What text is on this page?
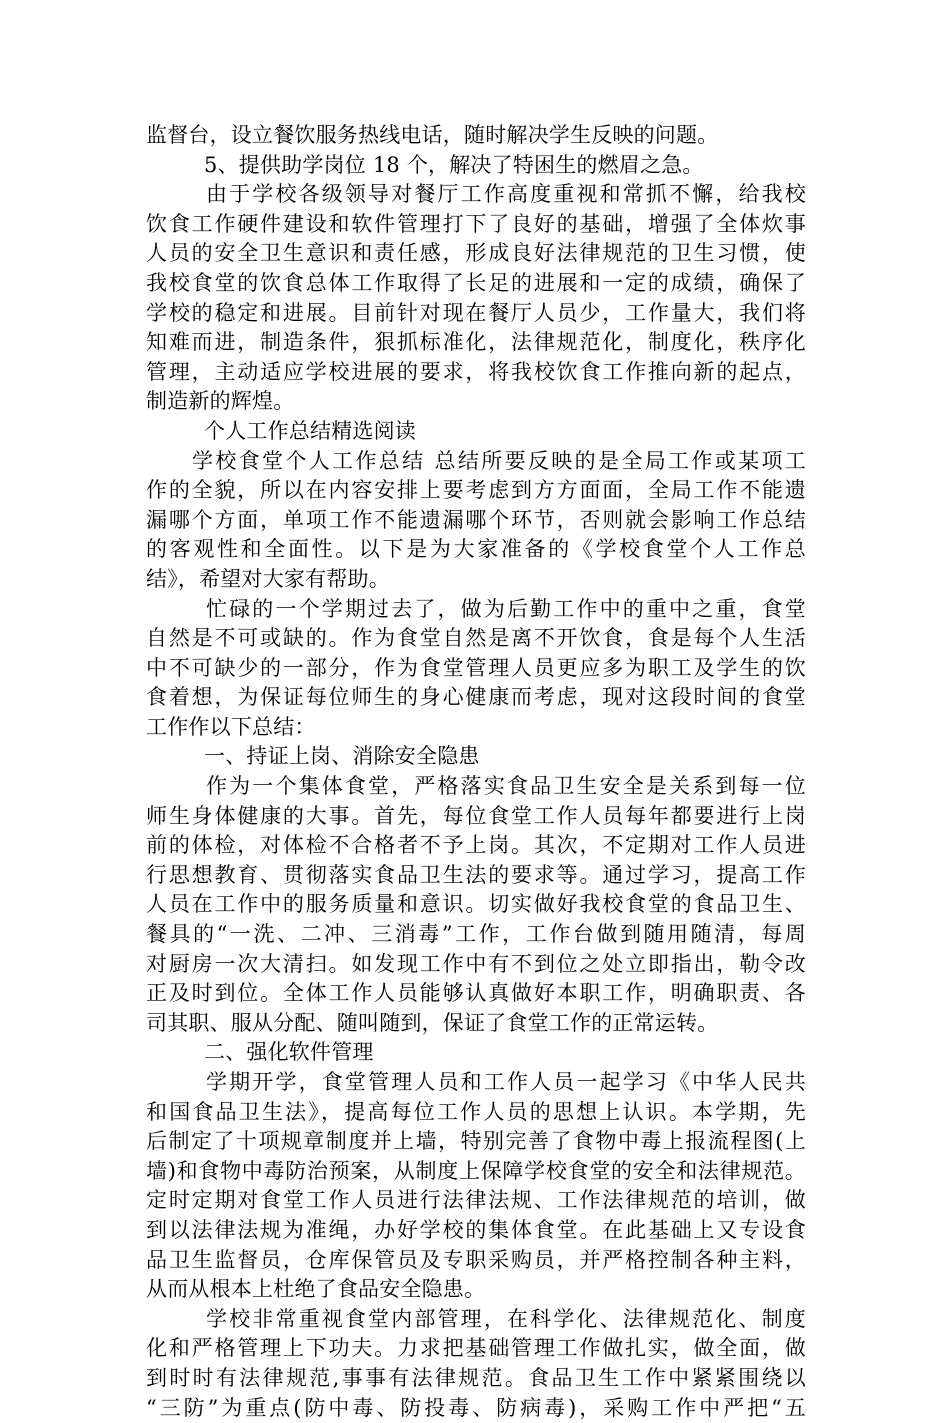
监督台，设立餐饮服务热线电话，随时解决学生反映的问题。
5、提供助学岗位 18 个，解决了特困生的燃眉之急。
由于学校各级领导对餐厅工作高度重视和常抓不懈，给我校
饮食工作硬件建设和软件管理打下了良好的基础，增强了全体炊事
人员的安全卫生意识和责任感，形成良好法律规范的卫生习惯，使
我校食堂的饮食总体工作取得了长足的进展和一定的成绩，确保了
学校的稳定和进展。目前针对现在餐厅人员少，工作量大，我们将
知难而进，制造条件，狠抓标准化，法律规范化，制度化，秩序化
管理，主动适应学校进展的要求，将我校饮食工作推向新的起点，
制造新的辉煌。
个人工作总结精选阅读
学校食堂个人工作总结 总结所要反映的是全局工作或某项工
作的全貌，所以在内容安排上要考虑到方方面面，全局工作不能遗
漏哪个方面，单项工作不能遗漏哪个环节，否则就会影响工作总结
的客观性和全面性。以下是为大家准备的《学校食堂个人工作总
结》，希望对大家有帮助。
忙碌的一个学期过去了，做为后勤工作中的重中之重，食堂
自然是不可或缺的。作为食堂自然是离不开饮食，食是每个人生活
中不可缺少的一部分，作为食堂管理人员更应多为职工及学生的饮
食着想，为保证每位师生的身心健康而考虑，现对这段时间的食堂
工作作以下总结：
一、持证上岗、消除安全隐患
作为一个集体食堂，严格落实食品卫生安全是关系到每一位
师生身体健康的大事。首先，每位食堂工作人员每年都要进行上岗
前的体检，对体检不合格者不予上岗。其次，不定期对工作人员进
行思想教育、贯彻落实食品卫生法的要求等。通过学习，提高工作
人员在工作中的服务质量和意识。切实做好我校食堂的食品卫生、
餐具的“一洗、二冲、三消毒”工作，工作台做到随用随清，每周
对厨房一次大清扫。如发现工作中有不到位之处立即指出，勒令改
正及时到位。全体工作人员能够认真做好本职工作，明确职责、各
司其职、服从分配、随叫随到，保证了食堂工作的正常运转。
二、强化软件管理
学期开学，食堂管理人员和工作人员一起学习《中华人民共
和国食品卫生法》，提高每位工作人员的思想上认识。本学期，先
后制定了十项规章制度并上墙，特别完善了食物中毒上报流程图(上
墙)和食物中毒防治预案，从制度上保障学校食堂的安全和法律规范。
定时定期对食堂工作人员进行法律法规、工作法律规范的培训，做
到以法律法规为准绳，办好学校的集体食堂。在此基础上又专设食
品卫生监督员，仓库保管员及专职采购员，并严格控制各种主料，
从而从根本上杜绝了食品安全隐患。
学校非常重视食堂内部管理，在科学化、法律规范化、制度
化和严格管理上下功夫。力求把基础管理工作做扎实，做全面，做
到时时有法律规范,事事有法律规范。食品卫生工作中紧紧围绕以
“三防”为重点(防中毒、防投毒、防病毒)，采购工作中严把“五
